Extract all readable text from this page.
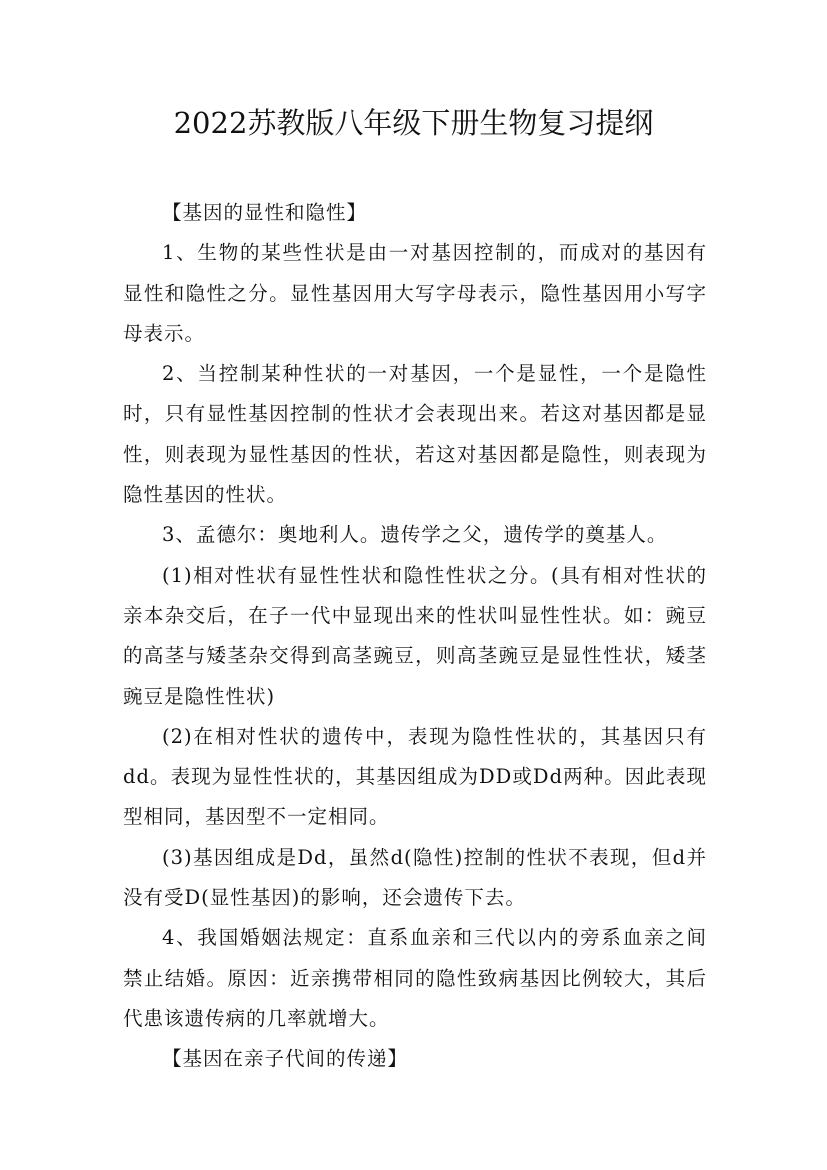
2022苏教版八年级下册生物复习提纲

【基因的显性和隐性】

1、生物的某些性状是由一对基因控制的，而成对的基因有显性和隐性之分。显性基因用大写字母表示，隐性基因用小写字母表示。

2、当控制某种性状的一对基因，一个是显性，一个是隐性时，只有显性基因控制的性状才会表现出来。若这对基因都是显性，则表现为显性基因的性状，若这对基因都是隐性，则表现为隐性基因的性状。

3、孟德尔：奥地利人。遗传学之父，遗传学的奠基人。

(1)相对性状有显性性状和隐性性状之分。(具有相对性状的亲本杂交后，在子一代中显现出来的性状叫显性性状。如：豌豆的高茎与矮茎杂交得到高茎豌豆，则高茎豌豆是显性性状，矮茎豌豆是隐性性状)

(2)在相对性状的遗传中，表现为隐性性状的，其基因只有dd。表现为显性性状的，其基因组成为DD或Dd两种。因此表现型相同，基因型不一定相同。

(3)基因组成是Dd，虽然d(隐性)控制的性状不表现，但d并没有受D(显性基因)的影响，还会遗传下去。

4、我国婚姻法规定：直系血亲和三代以内的旁系血亲之间禁止结婚。原因：近亲携带相同的隐性致病基因比例较大，其后代患该遗传病的几率就增大。

【基因在亲子代间的传递】
